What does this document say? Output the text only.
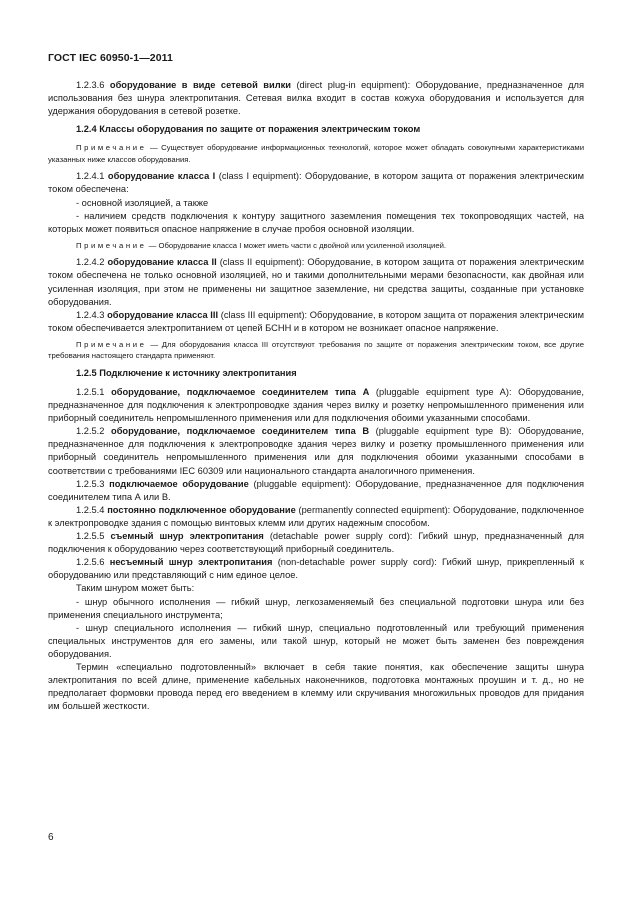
ГОСТ IEC 60950-1—2011

1.2.3.6 оборудование в виде сетевой вилки (direct plug-in equipment): Оборудование, предназначенное для использования без шнура электропитания. Сетевая вилка входит в состав кожуха оборудования и используется для удержания оборудования в сетевой розетке.

1.2.4 Классы оборудования по защите от поражения электрическим током

Примечание — Существует оборудование информационных технологий, которое может обладать совокупными характеристиками указанных ниже классов оборудования.

1.2.4.1 оборудование класса I (class I equipment): Оборудование, в котором защита от поражения электрическим током обеспечена:

- основной изоляцией, а также

- наличием средств подключения к контуру защитного заземления помещения тех токопроводящих частей, на которых может появиться опасное напряжение в случае пробоя основной изоляции.

Примечание — Оборудование класса I может иметь части с двойной или усиленной изоляцией.

1.2.4.2 оборудование класса II (class II equipment): Оборудование, в котором защита от поражения электрическим током обеспечена не только основной изоляцией, но и такими дополнительными мерами безопасности, как двойная или усиленная изоляция, при этом не применены ни защитное заземление, ни средства защиты, созданные при установке оборудования.

1.2.4.3 оборудование класса III (class III equipment): Оборудование, в котором защита от поражения электрическим током обеспечивается электропитанием от цепей БСНН и в котором не возникает опасное напряжение.

Примечание — Для оборудования класса III отсутствуют требования по защите от поражения электрическим током, все другие требования настоящего стандарта применяют.

1.2.5 Подключение к источнику электропитания

1.2.5.1 оборудование, подключаемое соединителем типа А (pluggable equipment type A): Оборудование, предназначенное для подключения к электропроводке здания через вилку и розетку непромышленного применения или приборный соединитель непромышленного применения или для подключения обоими указанными способами.

1.2.5.2 оборудование, подключаемое соединителем типа В (pluggable equipment type B): Оборудование, предназначенное для подключения к электропроводке здания через вилку и розетку промышленного применения или приборный соединитель непромышленного применения или для подключения обоими указанными способами в соответствии с требованиями IEC 60309 или национального стандарта аналогичного применения.

1.2.5.3 подключаемое оборудование (pluggable equipment): Оборудование, предназначенное для подключения соединителем типа А или В.

1.2.5.4 постоянно подключенное оборудование (permanently connected equipment): Оборудование, подключенное к электропроводке здания с помощью винтовых клемм или других надежным способом.

1.2.5.5 съемный шнур электропитания (detachable power supply cord): Гибкий шнур, предназначенный для подключения к оборудованию через соответствующий приборный соединитель.

1.2.5.6 несъемный шнур электропитания (non-detachable power supply cord): Гибкий шнур, прикрепленный к оборудованию или представляющий с ним единое целое.

Таким шнуром может быть:

- шнур обычного исполнения — гибкий шнур, легкозаменяемый без специальной подготовки шнура или без применения специального инструмента;

- шнур специального исполнения — гибкий шнур, специально подготовленный или требующий применения специальных инструментов для его замены, или такой шнур, который не может быть заменен без повреждения оборудования.

Термин «специально подготовленный» включает в себя такие понятия, как обеспечение защиты шнура электропитания по всей длине, применение кабельных наконечников, подготовка монтажных проушин и т. д., но не предполагает формовки провода перед его введением в клемму или скручивания многожильных проводов для придания им большей жесткости.

6
